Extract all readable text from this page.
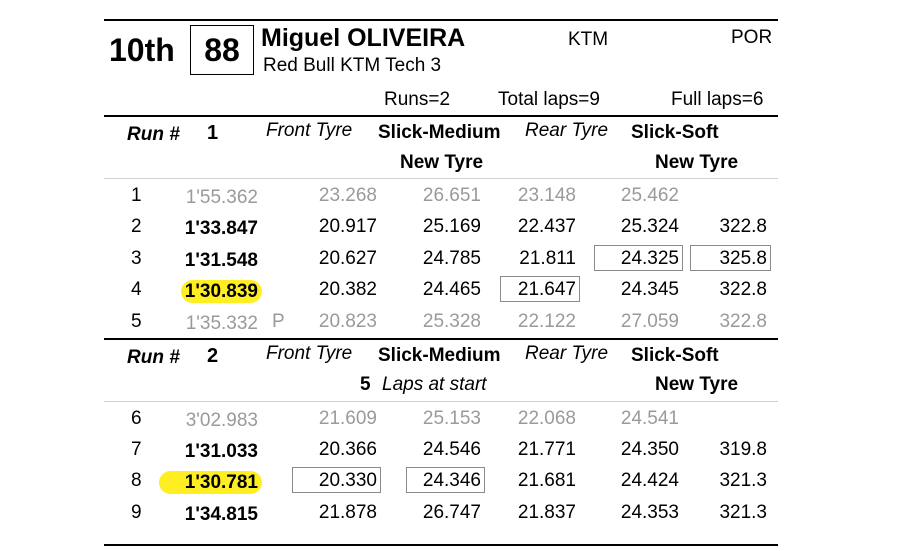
10th 88 Miguel OLIVEIRA
Red Bull KTM Tech 3
KTM	POR
Runs=2	Total laps=9	Full laps=6
Run # 1	Front Tyre Slick-Medium Rear Tyre Slick-Soft
New Tyre	New Tyre
Run # 2	Front Tyre Slick-Medium Rear Tyre Slick-Soft
5 Laps at start	New Tyre
1 1'55.362	23.268 26.651 23.148 25.462
2 1'33.847	20.917 25.169 22.437 25.324 322.8
3 1'31.548	20.627 24.785 21.811 24.325 325.8
4 1'30.839	20.382 24.465 21.647 24.345 322.8
5 1'35.332 P 20.823 25.328 22.122 27.059 322.8
6 3'02.983	21.609 25.153 22.068 24.541
7 1'31.033	20.366 24.546 21.771 24.350 319.8
8	1'30.781	20.330 24.346 21.681 24.424 321.3
9 1'34.815	21.878 26.747 21.837 24.353 321.3
